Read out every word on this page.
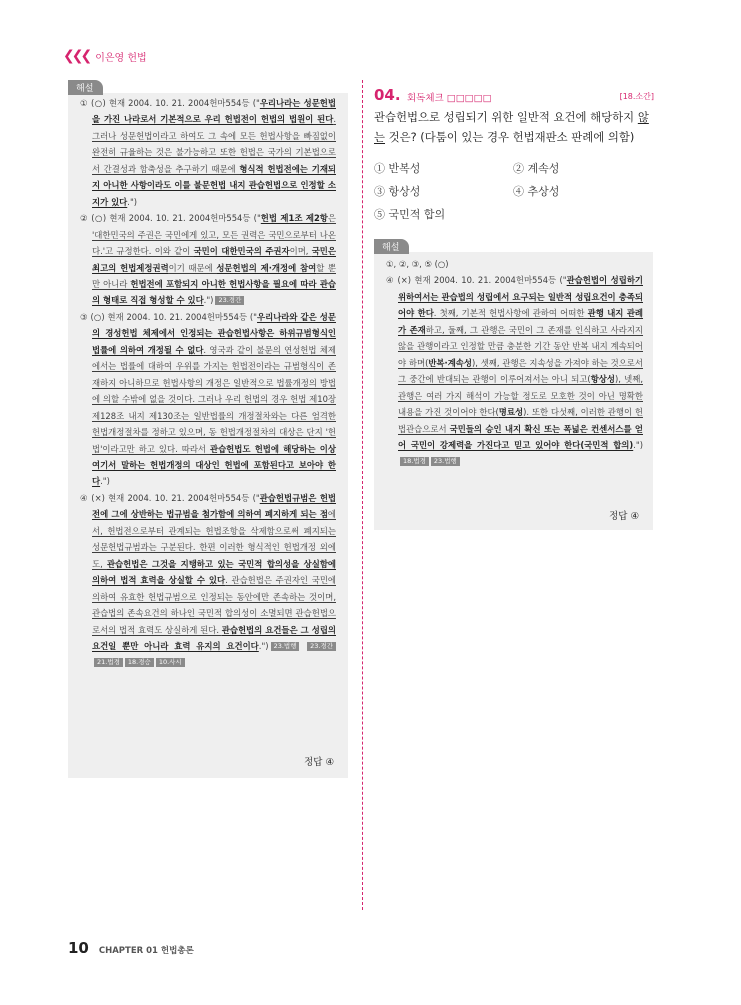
❮❮❮ 이은영 헌법
해설

① (○) 현재 2004. 10. 21. 2004헌마554등 ("우리나라는 성문헌법을 가진 나라로서 기본적으로 우리 헌법전이 헌법의 법원이 된다. 그러나 성문헌법이라고 하여도 그 속에 모든 헌법사항을 빠짐없이 완전히 규율하는 것은 불가능하고 또한 헌법은 국가의 기본법으로서 간결성과 함축성을 추구하기 때문에 형식적 헌법전에는 기재되지 아니한 사항이라도 이를 불문헌법 내지 관습헌법으로 인정할 소지가 있다.")

② (○) 현재 2004. 10. 21. 2004헌마554등 ("헌법 제1조 제2항은 '대한민국의 주권은 국민에게 있고, 모든 권력은 국민으로부터 나온다.'고 규정한다. 이와 같이 국민이 대한민국의 주권자이며, 국민은 최고의 헌법제정권력이기 때문에 성문헌법의 제·개정에 참여할 뿐만 아니라 헌법전에 포함되지 아니한 헌법사항을 필요에 따라 관습의 형태로 직접 형성할 수 있다.") 23.경간

③ (○) 현재 2004. 10. 21. 2004헌마554등 ("우리나라와 같은 성문의 경성헌법 체제에서 인정되는 관습헌법사항은 하위규범형식인 법률에 의하여 개정될 수 없다. 영국과 같이 불문의 연성헌법 체제에서는 법률에 대하여 우위를 가지는 헌법전이라는 규범형식이 존재하지 아니하므로 헌법사항의 개정은 일반적으로 법률개정의 방법에 의할 수밖에 없을 것이다. 그러나 우리 헌법의 경우 헌법 제10장 제128조 내지 제130조는 일반법률의 개정절차와는 다른 엄격한 헌법개정절차를 정하고 있으며, 동 헌법개정절차의 대상은 단지 '헌법'이라고만 하고 있다. 따라서 관습헌법도 헌법에 해당하는 이상 여기서 말하는 헌법개정의 대상인 헌법에 포함된다고 보아야 한다.")

④ (×) 현재 2004. 10. 21. 2004헌마554등 ("관습헌법규범은 헌법전에 그에 상반하는 법규범을 첨가함에 의하여 폐지하게 되는 점에서, 헌법전으로부터 관계되는 헌법조항을 삭제함으로써 폐지되는 성문헌법규범과는 구분된다. 한편 이러한 형식적인 헌법개정 외에도, 관습헌법은 그것을 지탱하고 있는 국민적 합의성을 상실함에 의하여 법적 효력을 상실할 수 있다. 관습헌법은 주권자인 국민에 의하여 유효한 헌법규범으로 인정되는 동안에만 존속하는 것이며, 관습법의 존속요건의 하나인 국민적 합의성이 소멸되면 관습헌법으로서의 법적 효력도 상실하게 된다. 관습헌법의 요건들은 그 성립의 요건일 뿐만 아니라 효력 유지의 요건이다.") 23.법행 23.경간21.법경 18.경승 10.사시

정답 ④
04. 회독체크 □□□□□	[18.소간]
관습헌법으로 성립되기 위한 일반적 요건에 해당하지 않는 것은? (다툼이 있는 경우 헌법재판소 판례에 의함)
① 반복성	② 계속성
③ 항상성	④ 추상성
⑤ 국민적 합의
해설

①, ②, ③, ⑤ (○)

④ (×) 현재 2004. 10. 21. 2004헌마554등 ("관습헌법이 성립하기 위하여서는 관습법의 성립에서 요구되는 일반적 성립요건이 충족되어야 한다. 첫째, 기본적 헌법사항에 관하여 어떠한 관행 내지 관례가 존재하고, 둘째, 그 관행은 국민이 그 존재를 인식하고 사라지지 않을 관행이라고 인정할 만큼 충분한 기간 동안 반복 내지 계속되어야 하며(반복·계속성), 셋째, 관행은 지속성을 가져야 하는 것으로서 그 중간에 반대되는 관행이 이루어져서는 아니 되고(항상성), 넷째, 관행은 여러 가지 해석이 가능할 정도로 모호한 것이 아닌 명확한 내용을 가진 것이어야 한다(명료성). 또한 다섯째, 이러한 관행이 헌법관습으로서 국민들의 승인 내지 확신 또는 폭넓은 컨센서스를 얻어 국민이 강제력을 가진다고 믿고 있어야 한다(국민적 합의).")18.법경 23.법행

정답 ④
10 CHAPTER 01 헌법총론
